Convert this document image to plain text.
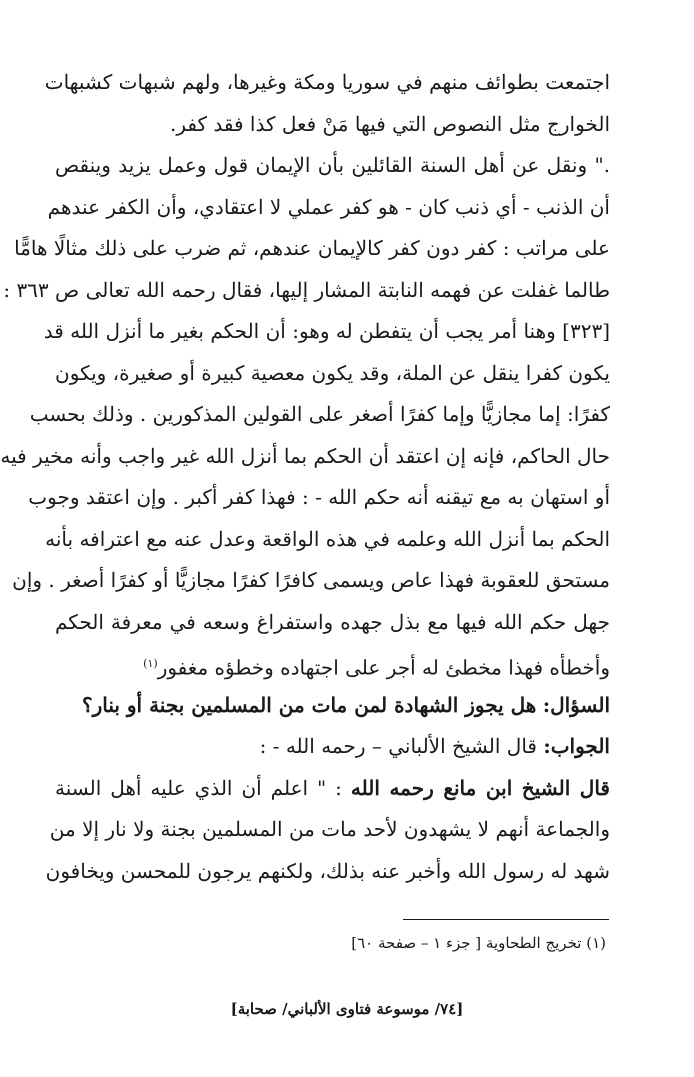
اجتمعت بطوائف منهم في سوريا ومكة وغيرها، ولهم شبهات كشبهات
الخوارج مثل النصوص التي فيها مَنْ فعل كذا فقد كفر.
." ونقل عن أهل السنة القائلين بأن الإيمان قول وعمل يزيد وينقص
أن الذنب - أي ذنب كان - هو كفر عملي لا اعتقادي، وأن الكفر عندهم
على مراتب : كفر دون كفر كالإيمان عندهم، ثم ضرب على ذلك مثالًا هامًّا
طالما غفلت عن فهمه النابتة المشار إليها، فقال رحمه الله تعالى ص ٣٦٣ :
[٣٢٣] وهنا أمر يجب أن يتفطن له وهو: أن الحكم بغير ما أنزل الله قد
يكون كفرا ينقل عن الملة، وقد يكون معصية كبيرة أو صغيرة، ويكون
كفرًا: إما مجازيًّا وإما كفرًا أصغر على القولين المذكورين . وذلك بحسب
حال الحاكم، فإنه إن اعتقد أن الحكم بما أنزل الله غير واجب وأنه مخير فيه
أو استهان به مع تيقنه أنه حكم الله - : فهذا كفر أكبر . وإن اعتقد وجوب
الحكم بما أنزل الله وعلمه في هذه الواقعة وعدل عنه مع اعترافه بأنه
مستحق للعقوبة فهذا عاص ويسمى كافرًا كفرًا مجازيًّا أو كفرًا أصغر . وإن
جهل حكم الله فيها مع بذل جهده واستفراغ وسعه في معرفة الحكم
وأخطأه فهذا مخطئ له أجر على اجتهاده وخطؤه مغفور$^{(١)}$
السؤال: هل يجوز الشهادة لمن مات من المسلمين بجنة أو بنار؟
الجواب: قال الشيخ الألباني – رحمه الله - :
قال الشيخ ابن مانع رحمه الله : " اعلم أن الذي عليه أهل السنة
والجماعة أنهم لا يشهدون لأحد مات من المسلمين بجنة ولا نار إلا من
شهد له رسول الله وأخبر عنه بذلك، ولكنهم يرجون للمحسن ويخافون
(١) تخريج الطحاوية [ جزء ١ – صفحة ٦٠]
[٧٤/ موسوعة فتاوى الألباني/ صحابة]
